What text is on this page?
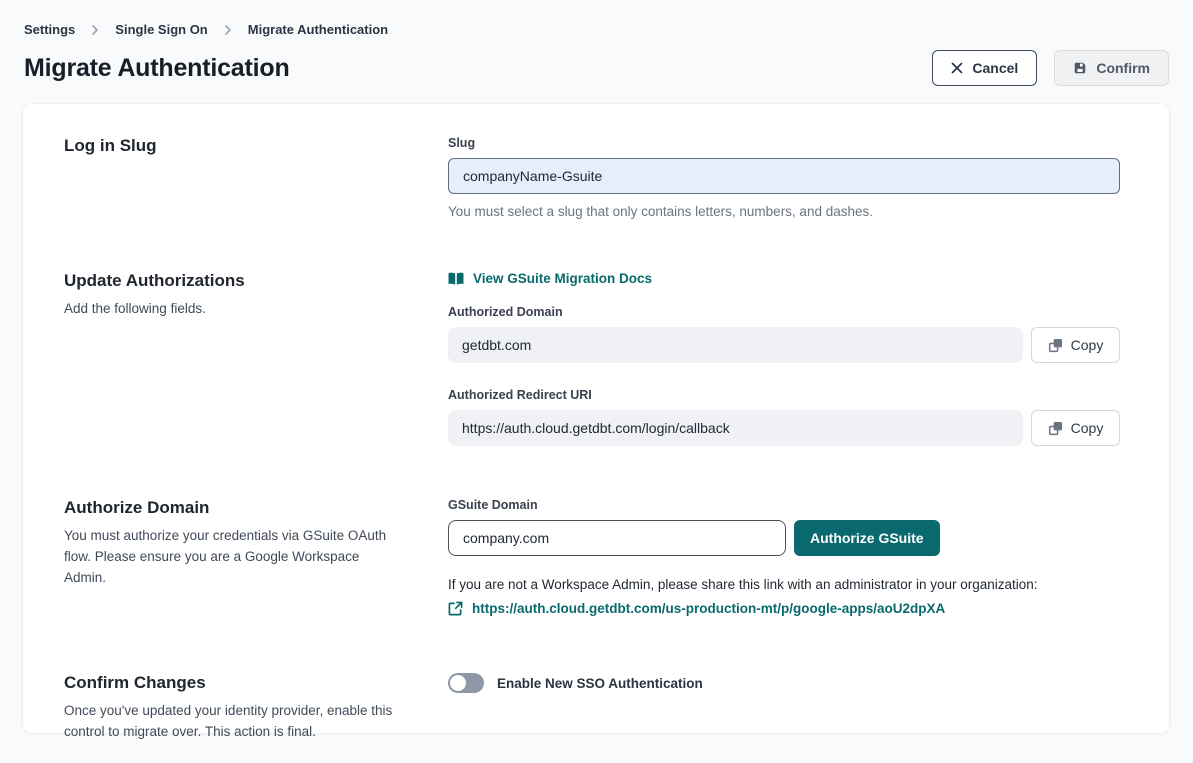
Settings	Single Sign On	Migrate Authentication
Migrate Authentication	Cancel	Confirm
Log in Slug	Slug
companyName-Gsuite
You must select a slug that only contains letters, numbers, and dashes.
Update Authorizations

Add the following fields.

View GSuite Migration Docs
Authorized Domain
getdbt.com	Copy
Authorized Redirect URI
https://auth.cloud.getdbt.com/login/callback	Copy
Authorize Domain

You must authorize your credentials via GSuite OAuth flow. Please ensure you are a Google Workspace Admin.

GSuite Domain
company.com
Authorize GSuite
If you are not a Workspace Admin, please share this link with an administrator in your organization:
https://auth.cloud.getdbt.com/us-production-mt/p/google-apps/aoU2dpXA
Confirm Changes

Once you've updated your identity provider, enable this control to migrate over. This action is final.

Enable New SSO Authentication
